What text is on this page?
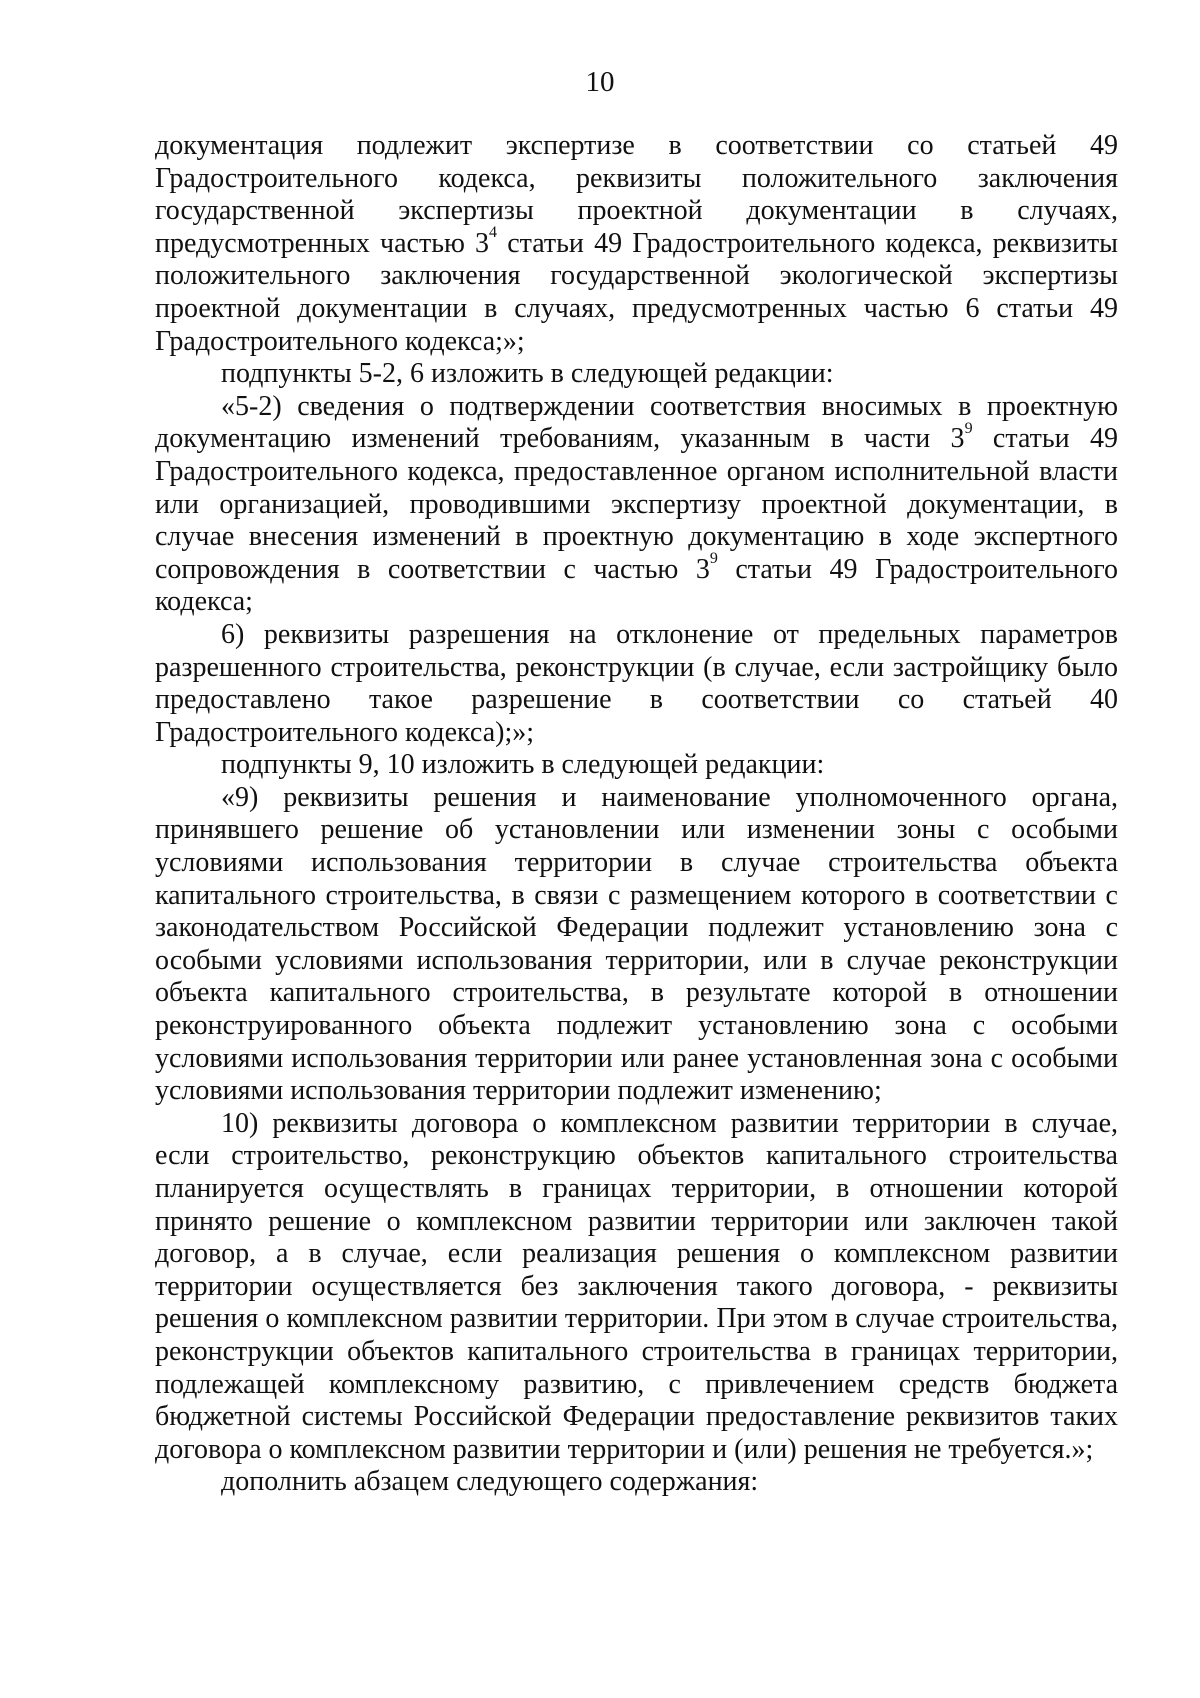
10

документация подлежит экспертизе в соответствии со статьей 49 Градостроительного кодекса, реквизиты положительного заключения государственной экспертизы проектной документации в случаях, предусмотренных частью $3^4$ статьи 49 Градостроительного кодекса, реквизиты положительного заключения государственной экологической экспертизы проектной документации в случаях, предусмотренных частью 6 статьи 49 Градостроительного кодекса;»;

подпункты 5-2, 6 изложить в следующей редакции:

«5-2) сведения о подтверждении соответствия вносимых в проектную документацию изменений требованиям, указанным в части $3^9$ статьи 49 Градостроительного кодекса, предоставленное органом исполнительной власти или организацией, проводившими экспертизу проектной документации, в случае внесения изменений в проектную документацию в ходе экспертного сопровождения в соответствии с частью $3^9$ статьи 49 Градостроительного кодекса;

6) реквизиты разрешения на отклонение от предельных параметров разрешенного строительства, реконструкции (в случае, если застройщику было предоставлено такое разрешение в соответствии со статьей 40 Градостроительного кодекса);»;

подпункты 9, 10 изложить в следующей редакции:

«9) реквизиты решения и наименование уполномоченного органа, принявшего решение об установлении или изменении зоны с особыми условиями использования территории в случае строительства объекта капитального строительства, в связи с размещением которого в соответствии с законодательством Российской Федерации подлежит установлению зона с особыми условиями использования территории, или в случае реконструкции объекта капитального строительства, в результате которой в отношении реконструированного объекта подлежит установлению зона с особыми условиями использования территории или ранее установленная зона с особыми условиями использования территории подлежит изменению;

10) реквизиты договора о комплексном развитии территории в случае, если строительство, реконструкцию объектов капитального строительства планируется осуществлять в границах территории, в отношении которой принято решение о комплексном развитии территории или заключен такой договор, а в случае, если реализация решения о комплексном развитии территории осуществляется без заключения такого договора, - реквизиты решения о комплексном развитии территории. При этом в случае строительства, реконструкции объектов капитального строительства в границах территории, подлежащей комплексному развитию, с привлечением средств бюджета бюджетной системы Российской Федерации предоставление реквизитов таких договора о комплексном развитии территории и (или) решения не требуется.»;

дополнить абзацем следующего содержания:
